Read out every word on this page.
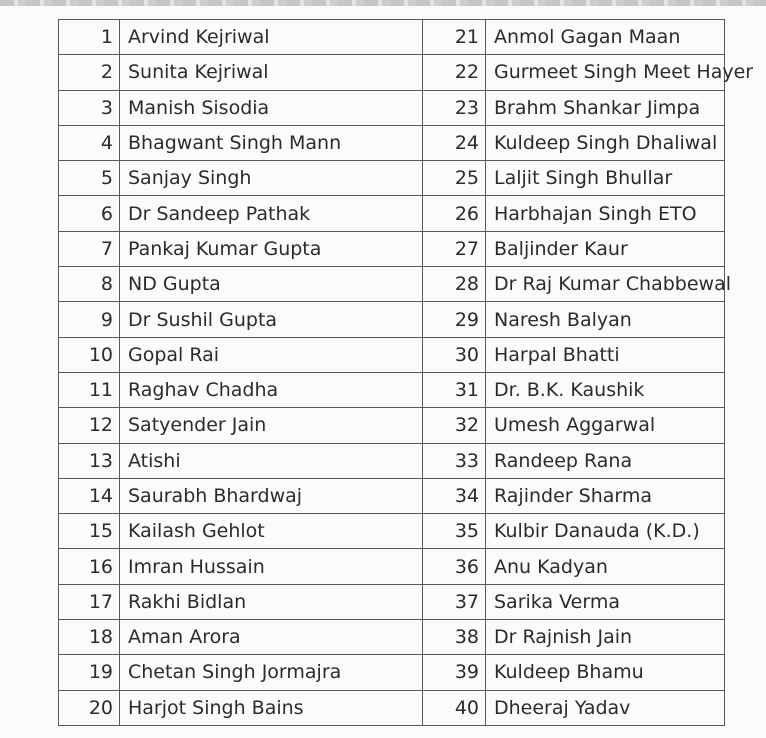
1	Arvind Kejriwal	21	Anmol Gagan Maan
2	Sunita Kejriwal	22	Gurmeet Singh Meet Hayer
3	Manish Sisodia	23	Brahm Shankar Jimpa
4	Bhagwant Singh Mann	24	Kuldeep Singh Dhaliwal
5	Sanjay Singh	25	Laljit Singh Bhullar
6	Dr Sandeep Pathak	26	Harbhajan Singh ETO
7	Pankaj Kumar Gupta	27	Baljinder Kaur
8	ND Gupta	28	Dr Raj Kumar Chabbewal
9	Dr Sushil Gupta	29	Naresh Balyan
10	Gopal Rai	30	Harpal Bhatti
11	Raghav Chadha	31	Dr. B.K. Kaushik
12	Satyender Jain	32	Umesh Aggarwal
13	Atishi	33	Randeep Rana
14	Saurabh Bhardwaj	34	Rajinder Sharma
15	Kailash Gehlot	35	Kulbir Danauda (K.D.)
16	Imran Hussain	36	Anu Kadyan
17	Rakhi Bidlan	37	Sarika Verma
18	Aman Arora	38	Dr Rajnish Jain
19	Chetan Singh Jormajra	39	Kuldeep Bhamu
20	Harjot Singh Bains	40	Dheeraj Yadav
